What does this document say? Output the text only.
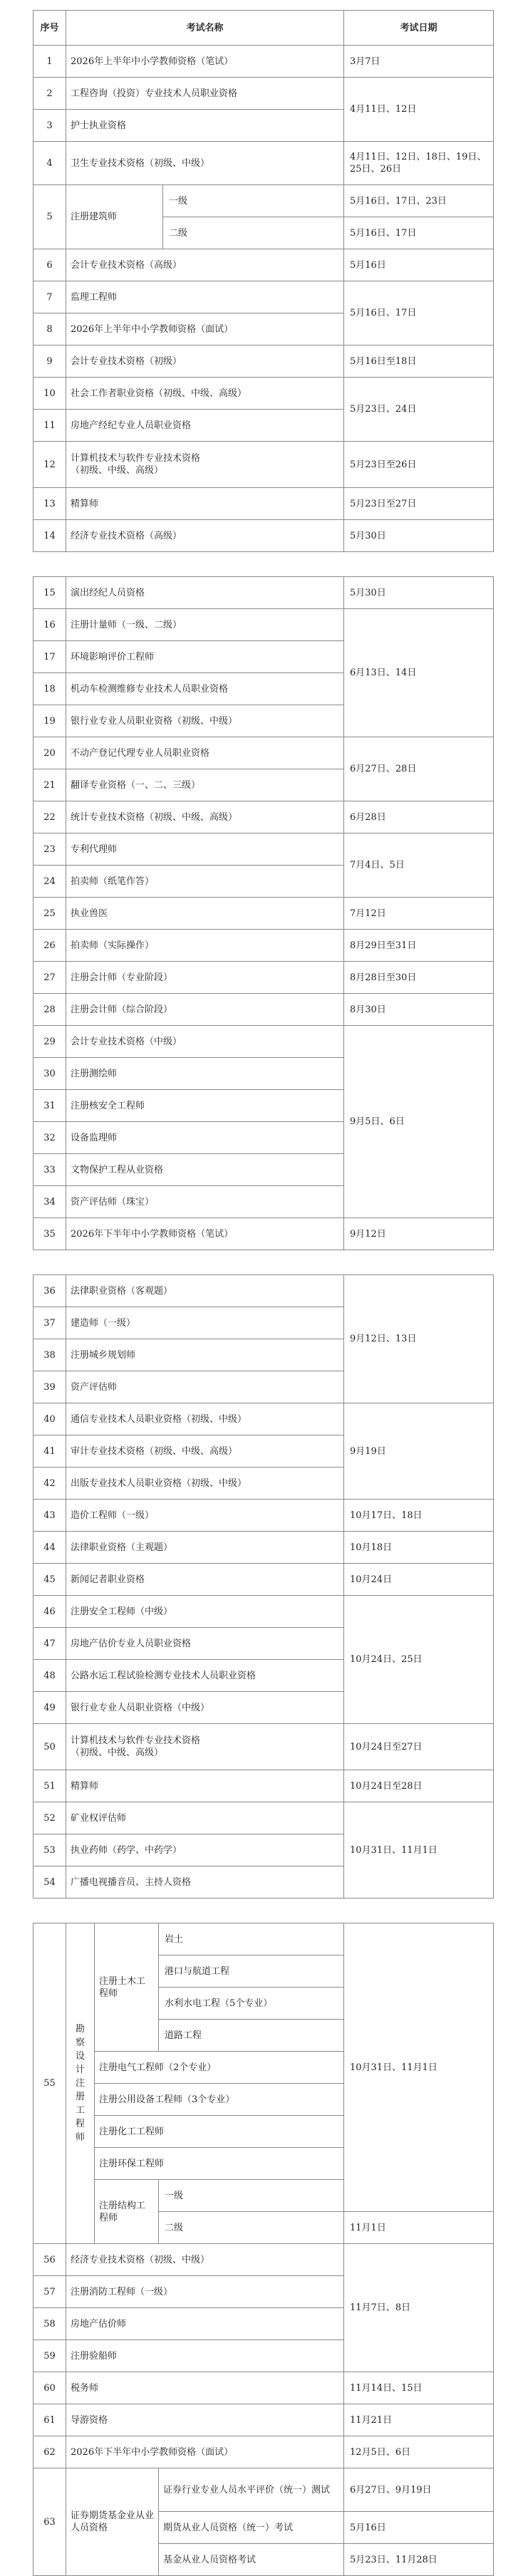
序号	考试名称		考试日期
1	2026年上半年中小学教师资格（笔试）		3月7日
2	工程咨询（投资）专业技术人员职业资格		4月11日、12日
3	护士执业资格		
4	卫生专业技术资格（初级、中级）		4月11日、12日、18日、19日、25日、26日
5	注册建筑师	一级	5月16日、17日、23日
		二级	5月16日、17日
6	会计专业技术资格（高级）		5月16日
7	监理工程师		5月16日、17日
8	2026年上半年中小学教师资格（面试）		
9	会计专业技术资格（初级）		5月16日至18日
10	社会工作者职业资格（初级、中级、高级）		5月23日、24日
11	房地产经纪专业人员职业资格		
12	计算机技术与软件专业技术资格
（初级、中级、高级）		5月23日至26日
13	精算师		5月23日至27日
14	经济专业技术资格（高级）		5月30日
15	演出经纪人员资格	5月30日
16	注册计量师（一级、二级）	6月13日、14日
17	环境影响评价工程师	
18	机动车检测维修专业技术人员职业资格	
19	银行业专业人员职业资格（初级、中级）	
20	不动产登记代理专业人员职业资格	6月27日、28日
21	翻译专业资格（一、二、三级）	
22	统计专业技术资格（初级、中级、高级）	6月28日
23	专利代理师	7月4日、5日
24	拍卖师（纸笔作答）	
25	执业兽医	7月12日
26	拍卖师（实际操作）	8月29日至31日
27	注册会计师（专业阶段）	8月28日至30日
28	注册会计师（综合阶段）	8月30日
29	会计专业技术资格（中级）	9月5日、6日
30	注册测绘师	
31	注册核安全工程师	
32	设备监理师	
33	文物保护工程从业资格	
34	资产评估师（珠宝）	
35	2026年下半年中小学教师资格（笔试）	9月12日
36	法律职业资格（客观题）	9月12日、13日
37	建造师（一级）	
38	注册城乡规划师	
39	资产评估师	
40	通信专业技术人员职业资格（初级、中级）	9月19日
41	审计专业技术资格（初级、中级、高级）	
42	出版专业技术人员职业资格（初级、中级）	
43	造价工程师（一级）	10月17日、18日
44	法律职业资格（主观题）	10月18日
45	新闻记者职业资格	10月24日
46	注册安全工程师（中级）	10月24日、25日
47	房地产估价专业人员职业资格	
48	公路水运工程试验检测专业技术人员职业资格	
49	银行业专业人员职业资格（中级）	
50	计算机技术与软件专业技术资格
（初级、中级、高级）	10月24日至27日
51	精算师	10月24日至28日
52	矿业权评估师	10月31日、11月1日
53	执业药师（药学、中药学）	
54	广播电视播音员、主持人资格	
55	勘察设计注册工程师	注册土木工程师	岩土	10月31日、11月1日
			港口与航道工程	
			水利水电工程（5个专业）	
			道路工程	
		注册电气工程师（2个专业）		
		注册公用设备工程师（3个专业）		
		注册化工工程师		
		注册环保工程师		
		注册结构工程师	一级	
			二级	11月1日
56	经济专业技术资格（初级、中级）			11月7日、8日
57	注册消防工程师（一级）			
58	房地产估价师			
59	注册验船师			
60	税务师			11月14日、15日
61	导游资格			11月21日
62	2026年下半年中小学教师资格（面试）			12月5日、6日
63	证券期货基金业从业人员资格		证券行业专业人员水平评价（统一）测试	6月27日、9月19日
			期货从业人员资格（统一）考试	5月16日
			基金从业人员资格考试	5月23日、11月28日
